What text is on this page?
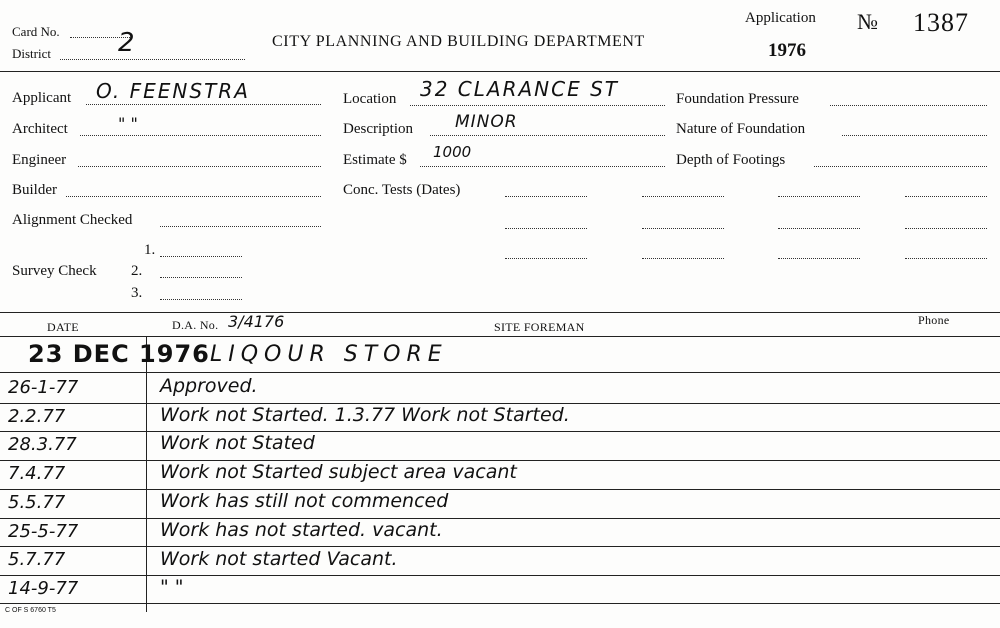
Card No.
District	2	CITY PLANNING AND BUILDING DEPARTMENT
Application
1976
№ 1387
Applicant O. FEENSTRA
Architect	" "
Engineer
Builder
Alignment Checked
Survey Check
1.
2.
3.
Location 32 CLARANCE ST
Description MINOR
Estimate $ 1000
Conc. Tests (Dates)
Foundation Pressure
Nature of Foundation
Depth of Footings
DATE	D.A. No. 3/4176	SITE FOREMAN	Phone
23 DEC 1976 LIQOUR STORE
26-1-77	Approved.
2.2.77	Work not Started. 1.3.77 Work not Started.
28.3.77	Work not Stated
7.4.77	Work not Started subject area vacant
5.5.77	Work has still not commenced
25-5-77	Work has not started. vacant.
5.7.77	Work not started Vacant.
14-9-77	" "
C OF S 6760 T5
